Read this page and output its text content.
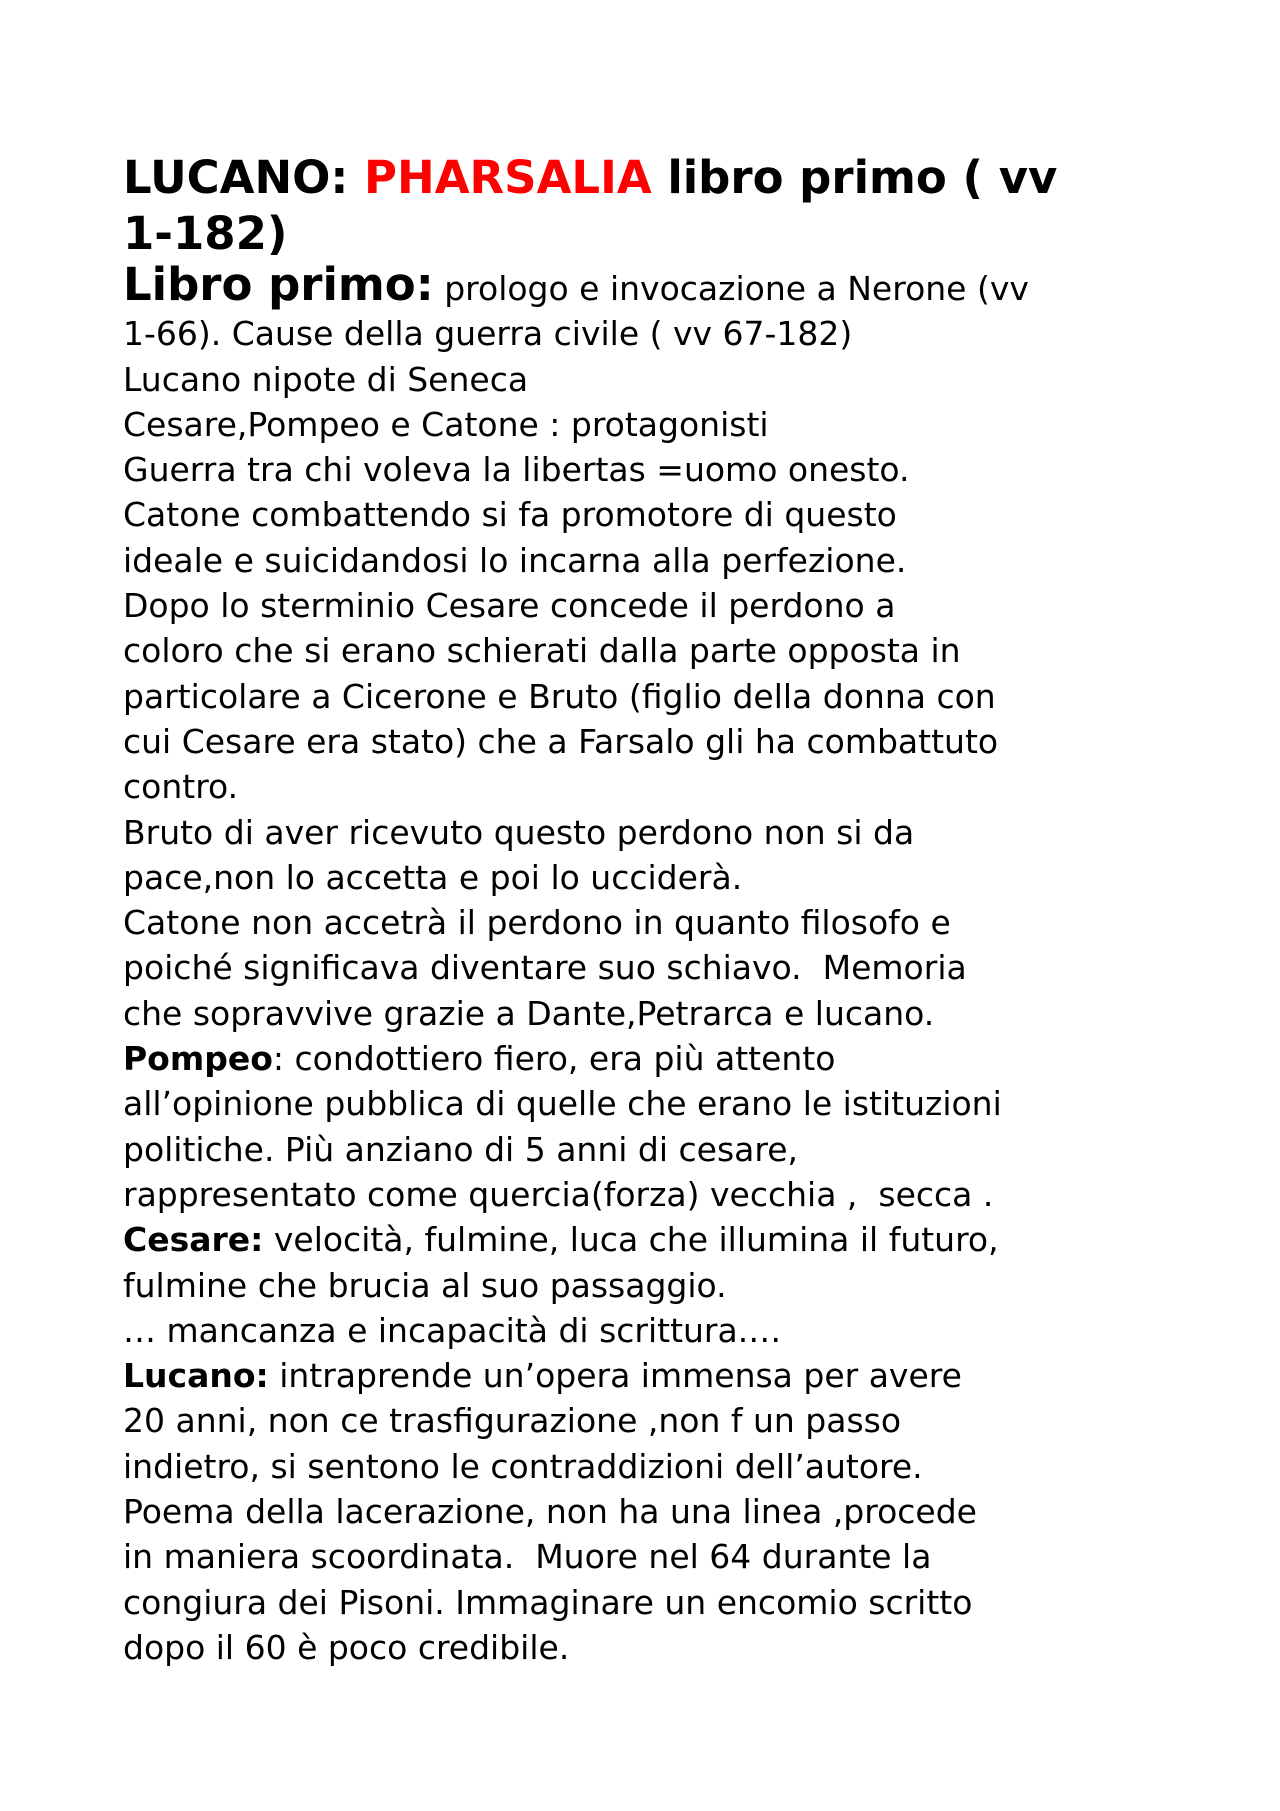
LUCANO: PHARSALIA libro primo ( vv
1-182)
Libro primo: prologo e invocazione a Nerone (vv
1-66). Cause della guerra civile ( vv 67-182)
Lucano nipote di Seneca
Cesare,Pompeo e Catone : protagonisti
Guerra tra chi voleva la libertas =uomo onesto.
Catone combattendo si fa promotore di questo
ideale e suicidandosi lo incarna alla perfezione.
Dopo lo sterminio Cesare concede il perdono a
coloro che si erano schierati dalla parte opposta in
particolare a Cicerone e Bruto (figlio della donna con
cui Cesare era stato) che a Farsalo gli ha combattuto
contro.
Bruto di aver ricevuto questo perdono non si da
pace,non lo accetta e poi lo ucciderà.
Catone non accetrà il perdono in quanto filosofo e
poiché significava diventare suo schiavo.  Memoria
che sopravvive grazie a Dante,Petrarca e lucano.
Pompeo: condottiero fiero, era più attento
all’opinione pubblica di quelle che erano le istituzioni
politiche. Più anziano di 5 anni di cesare,
rappresentato come quercia(forza) vecchia ,  secca .
Cesare: velocità, fulmine, luca che illumina il futuro,
fulmine che brucia al suo passaggio.
… mancanza e incapacità di scrittura.…
Lucano: intraprende un’opera immensa per avere
20 anni, non ce trasfigurazione ,non f un passo
indietro, si sentono le contraddizioni dell’autore.
Poema della lacerazione, non ha una linea ,procede
in maniera scoordinata.  Muore nel 64 durante la
congiura dei Pisoni. Immaginare un encomio scritto
dopo il 60 è poco credibile.
